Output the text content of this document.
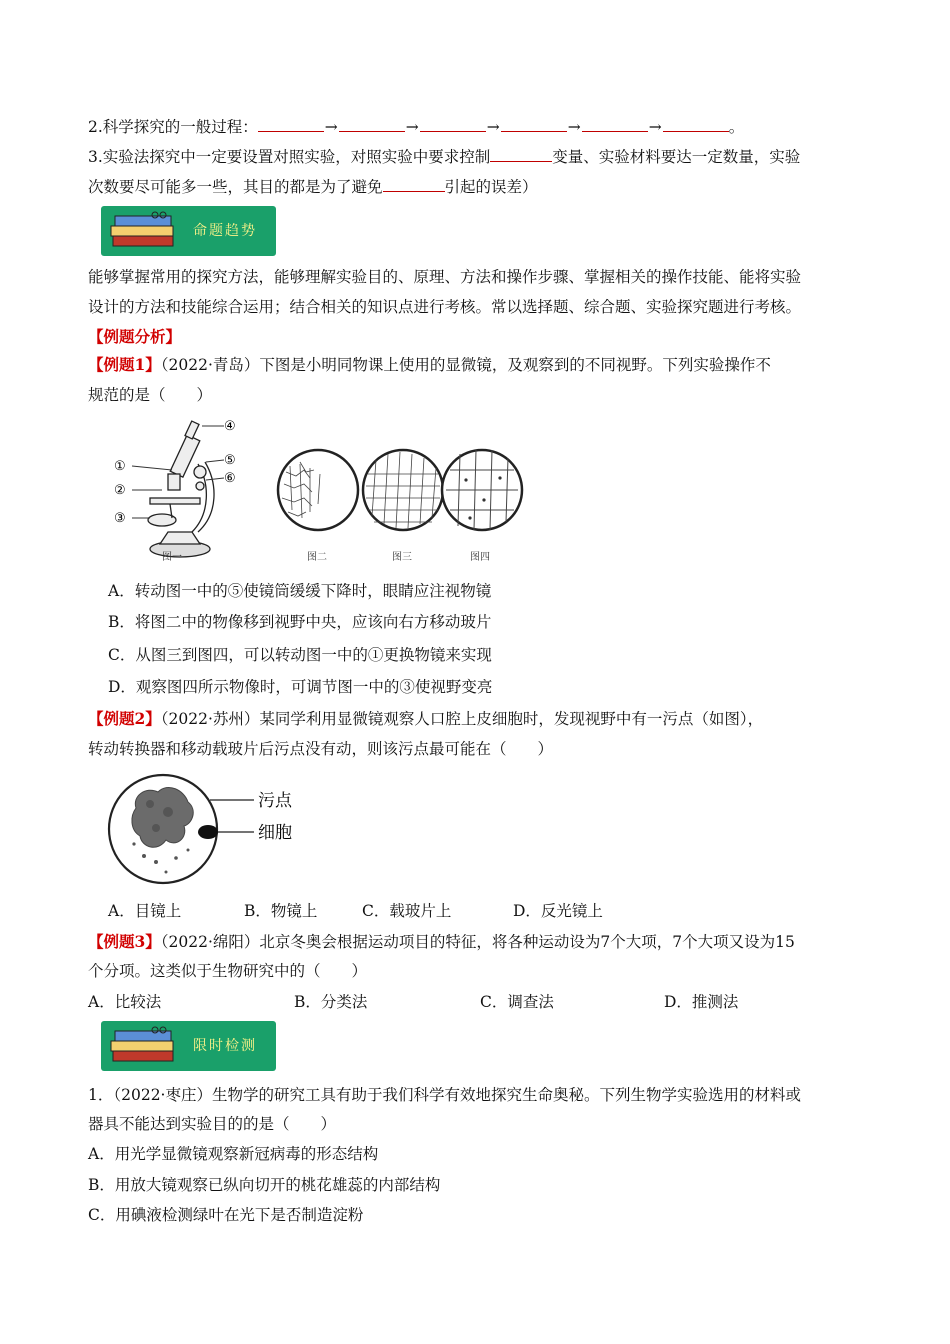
2.科学探究的一般过程：	→	→	→	→	→	。
3.实验法探究中一定要设置对照实验，对照实验中要求控制	变量、实验材料要达一定数量，实验
次数要尽可能多一些，其目的都是为了避免	引起的误差）
命题趋势
能够掌握常用的探究方法，能够理解实验目的、原理、方法和操作步骤、掌握相关的操作技能、能将实验
设计的方法和技能综合运用；结合相关的知识点进行考核。常以选择题、综合题、实验探究题进行考核。
【例题分析】
【例题1】（2022·青岛）下图是小明同物课上使用的显微镜，及观察到的不同视野。下列实验操作不
规范的是（　　）
①
②
③
④
⑤
⑥
图一	图二	图三	图四
A．转动图一中的⑤使镜筒缓缓下降时，眼睛应注视物镜
B．将图二中的物像移到视野中央，应该向右方移动玻片
C．从图三到图四，可以转动图一中的①更换物镜来实现
D．观察图四所示物像时，可调节图一中的③使视野变亮
【例题2】（2022·苏州）某同学利用显微镜观察人口腔上皮细胞时，发现视野中有一污点（如图），
转动转换器和移动载玻片后污点没有动，则该污点最可能在（　　）
污点
细胞
A．目镜上	B．物镜上	C．载玻片上	D．反光镜上
【例题3】（2022·绵阳）北京冬奥会根据运动项目的特征，将各种运动设为7个大项，7个大项又设为15
个分项。这类似于生物研究中的（　　）
A．比较法	B．分类法	C．调查法	D．推测法
限时检测
1．（2022·枣庄）生物学的研究工具有助于我们科学有效地探究生命奥秘。下列生物学实验选用的材料或
器具不能达到实验目的的是（　　）
A．用光学显微镜观察新冠病毒的形态结构
B．用放大镜观察已纵向切开的桃花雄蕊的内部结构
C．用碘液检测绿叶在光下是否制造淀粉
